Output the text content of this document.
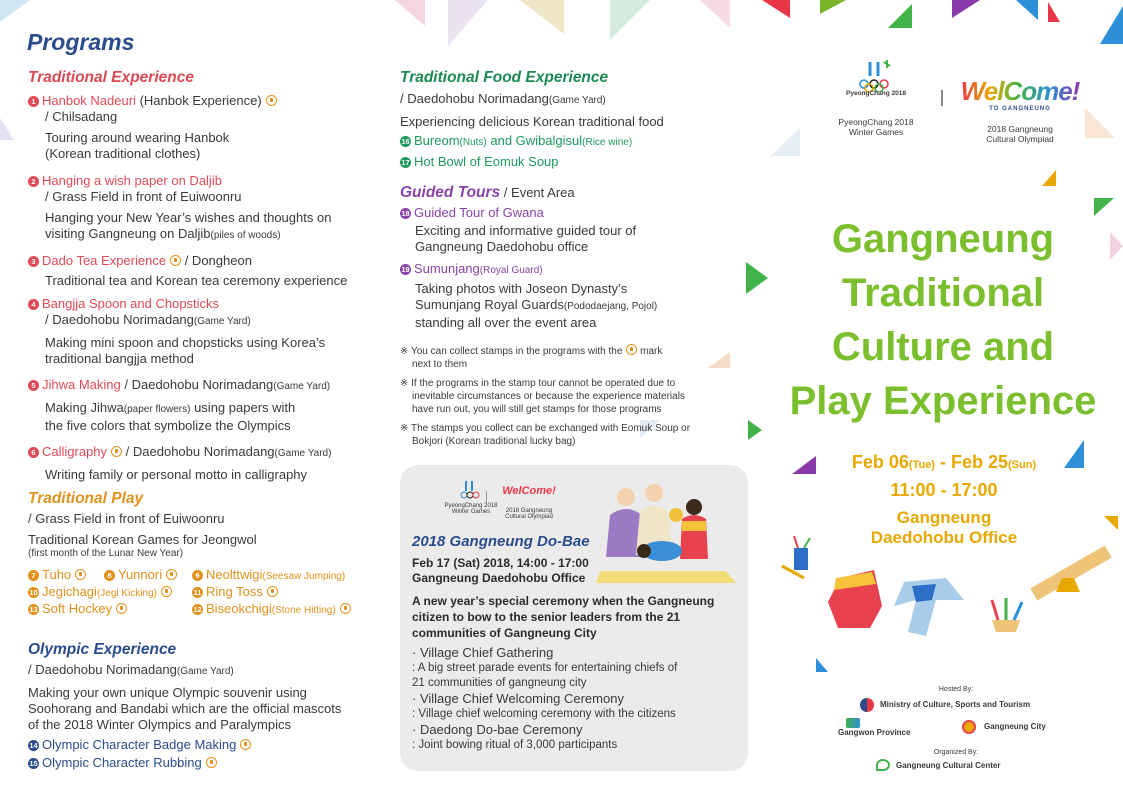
Programs
Traditional Experience
1 Hanbok Nadeuri (Hanbok Experience)
/ Chilsadang
Touring around wearing Hanbok
(Korean traditional clothes)
2 Hanging a wish paper on Daljib
/ Grass Field in front of Euiwoonru
Hanging your New Year’s wishes and thoughts on
visiting Gangneung on Daljib(piles of woods)
3 Dado Tea Experience / Dongheon
Traditional tea and Korean tea ceremony experience
4 Bangjja Spoon and Chopsticks
/ Daedohobu Norimadang(Game Yard)
Making mini spoon and chopsticks using Korea’s
traditional bangjja method
5 Jihwa Making / Daedohobu Norimadang(Game Yard)
Making Jihwa(paper flowers) using papers with
the five colors that symbolize the Olympics
6 Calligraphy / Daedohobu Norimadang(Game Yard)
Writing family or personal motto in calligraphy
Traditional Play
/ Grass Field in front of Euiwoonru
Traditional Korean Games for Jeongwol
(first month of the Lunar New Year)
7 Tuho	8 Yunnori	9 Neolttwigi(Seesaw Jumping)
10 Jegichagi(Jegi Kicking)	11 Ring Toss
12 Biseokchigi(Stone Hitting)
13 Soft Hockey
Olympic Experience
/ Daedohobu Norimadang(Game Yard)
Making your own unique Olympic souvenir using
Soohorang and Bandabi which are the official mascots
of the 2018 Winter Olympics and Paralympics
14 Olympic Character Badge Making
15 Olympic Character Rubbing
Traditional Food Experience
/ Daedohobu Norimadang(Game Yard)
Experiencing delicious Korean traditional food
16 Bureom(Nuts) and Gwibalgisul(Rice wine)
17 Hot Bowl of Eomuk Soup
Guided Tours / Event Area
18 Guided Tour of Gwana
Exciting and informative guided tour of
Gangneung Daedohobu office
19 Sumunjang(Royal Guard)
Taking photos with Joseon Dynasty’s
Sumunjang Royal Guards(Pododaejang, Pojol)
standing all over the event area
※ You can collect stamps in the programs with the mark
next to them
※ If the programs in the stamp tour cannot be operated due to
inevitable circumstances or because the experience materials
have run out, you will still get stamps for those programs
※ The stamps you collect can be exchanged with Eomuk Soup or
Bokjori (Korean traditional lucky bag)
PyeongChang 2018
Winter Games
WelCome!
2018 Gangneung
Cultural Olympiad
2018 Gangneung Do-Bae
Feb 17 (Sat) 2018, 14:00 - 17:00
Gangneung Daedohobu Office
A new year’s special ceremony when the Gangneung
citizen to bow to the senior leaders from the 21
communities of Gangneung City
· Village Chief Gathering
: A big street parade events for entertaining chiefs of
21 communities of gangneung city
· Village Chief Welcoming Ceremony
: Village chief welcoming ceremony with the citizens
· Daedong Do-bae Ceremony
: Joint bowing ritual of 3,000 participants
PyeongChang 2018
PyeongChang 2018
Winter Games
WelCome!
TO GANGNEUNG
2018 Gangneung
Cultural Olympiad
Gangneung
Traditional
Culture and
Play Experience
Feb 06(Tue) - Feb 25(Sun)
11:00 - 17:00
Gangneung
Daedohobu Office
Hosted By:
Ministry of Culture, Sports and Tourism
Gangwon Province
Gangneung City
Organized By:
Gangneung Cultural Center
